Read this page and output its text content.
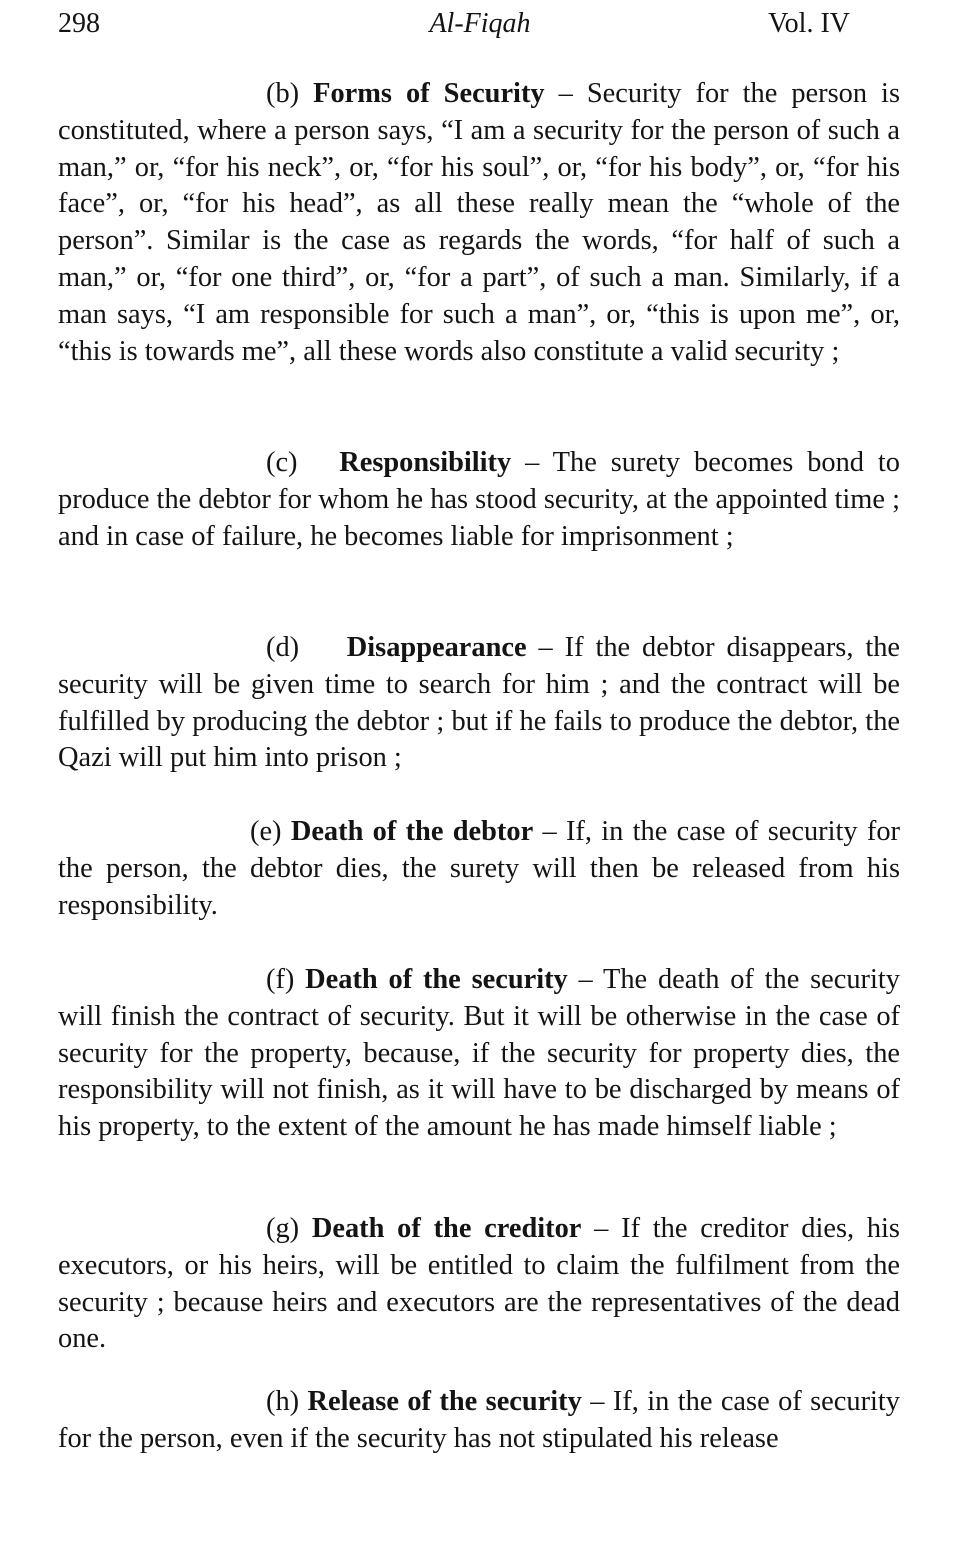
298	Al-Fiqah	Vol. IV

(b) Forms of Security – Security for the person is constituted, where a person says, “I am a security for the person of such a man,” or, “for his neck”, or, “for his soul”, or, “for his body”, or, “for his face”, or, “for his head”, as all these really mean the “whole of the person”. Similar is the case as regards the words, “for half of such a man,” or, “for one third”, or, “for a part”, of such a man. Similarly, if a man says, “I am responsible for such a man”, or, “this is upon me”, or, “this is towards me”, all these words also constitute a valid security ;

(c) Responsibility – The surety becomes bond to produce the debtor for whom he has stood security, at the appointed time ; and in case of failure, he becomes liable for imprisonment ;

(d) Disappearance – If the debtor disappears, the security will be given time to search for him ; and the contract will be fulfilled by producing the debtor ; but if he fails to produce the debtor, the Qazi will put him into prison ;

(e) Death of the debtor – If, in the case of security for the person, the debtor dies, the surety will then be released from his responsibility.

(f) Death of the security – The death of the security will finish the contract of security. But it will be otherwise in the case of security for the property, because, if the security for property dies, the responsibility will not finish, as it will have to be discharged by means of his property, to the extent of the amount he has made himself liable ;

(g) Death of the creditor – If the creditor dies, his executors, or his heirs, will be entitled to claim the fulfilment from the security ; because heirs and executors are the representatives of the dead one.

(h) Release of the security – If, in the case of security for the person, even if the security has not stipulated his release
